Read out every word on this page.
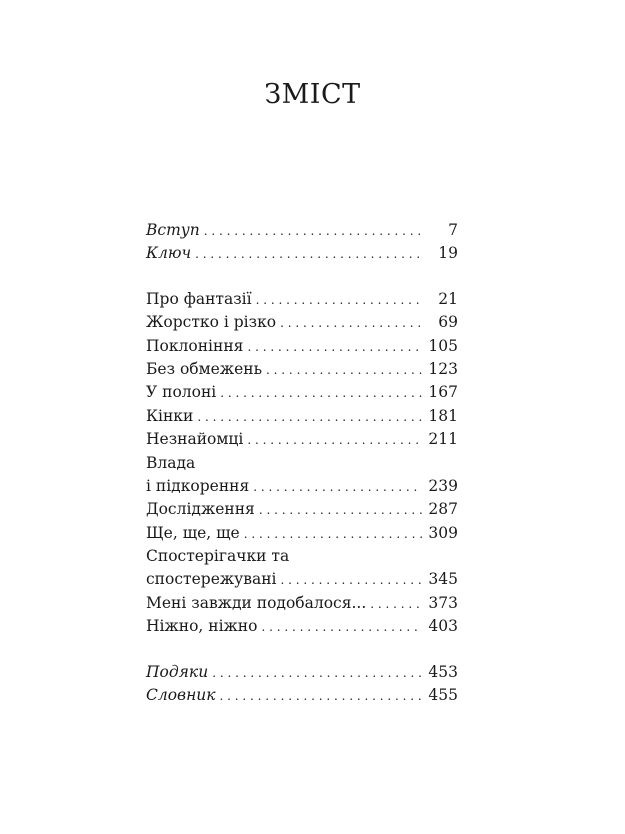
ЗМІСТ
Вступ . . .	7
Ключ . . .	19
Про фантазії . . .	21
Жорстко і різко . . .	69
Поклоніння . . .	105
Без обмежень . . .	123
У полоні . . .	167
Кінки . . .	181
Незнайомці . . .	211
Влада
і підкорення . . .	239
Дослідження . . .	287
Ще, ще, ще . . .	309
Спостерігачки та
спостережувані . . .	345
Мені завжди подобалося... . . .	373
Ніжно, ніжно . . .	403
Подяки . . .	453
Словник . . .	455
